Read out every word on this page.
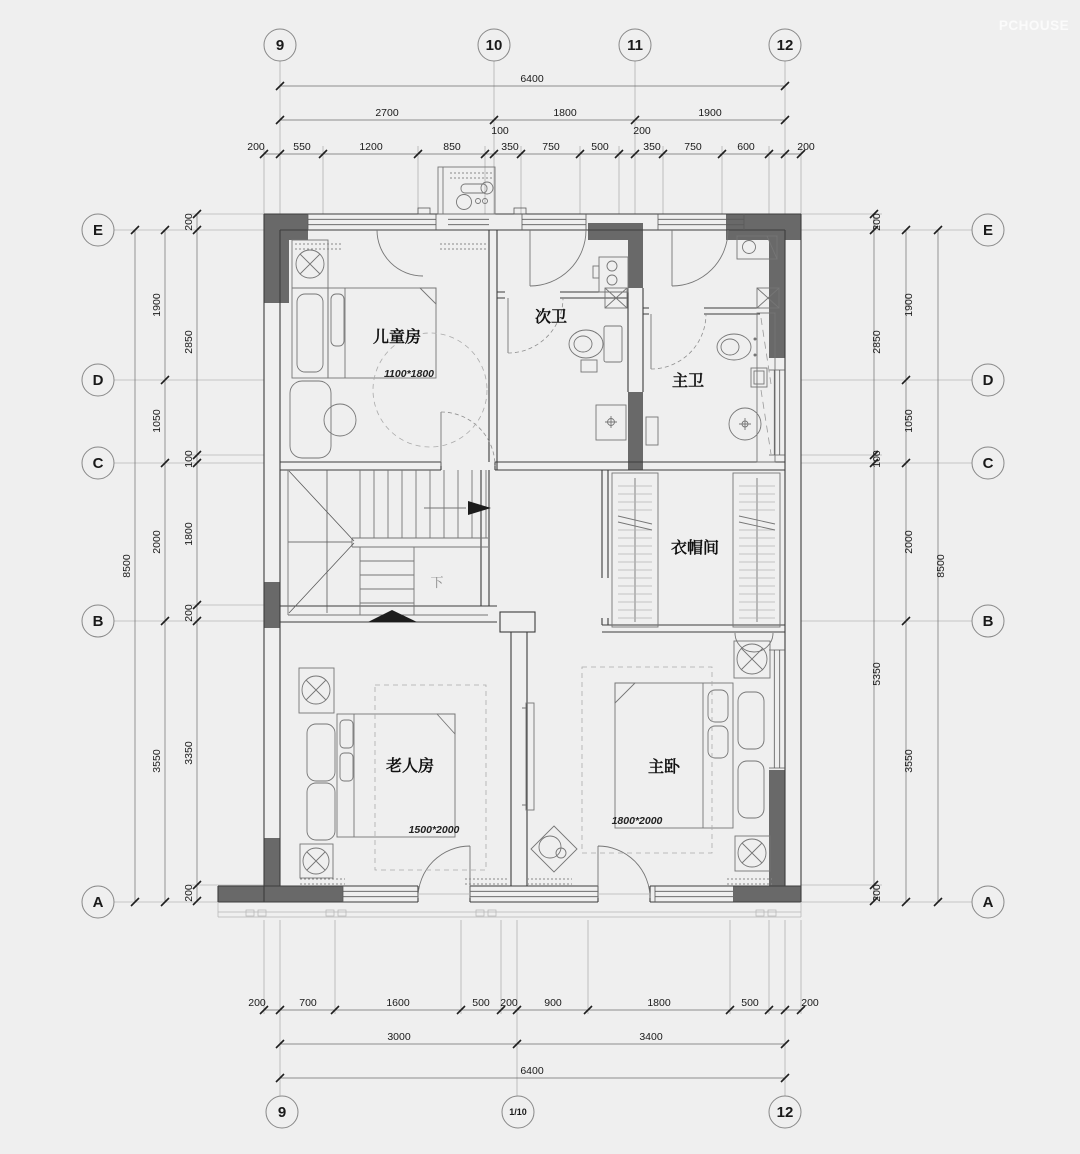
6400
2700	1800	1900
200	550	1200	850
100
350 750	500
200
350 750	600	200
200	700	1600	500 200	900	1800	500	200
3000	3400
6400
200
2850
100
1800
200
3350
200
1900
1050
2000
3550
8500
200
2850
100
5350
200
1900
1050
2000
3550
8500
9	10	11	12
9	1/10	12
E
D
C
B
A
E
D
C
B
A
下
儿童房
1100*1800
次卫
主卫
衣帽间
老人房
1500*2000
主卧
1800*2000
PCHOUSE
